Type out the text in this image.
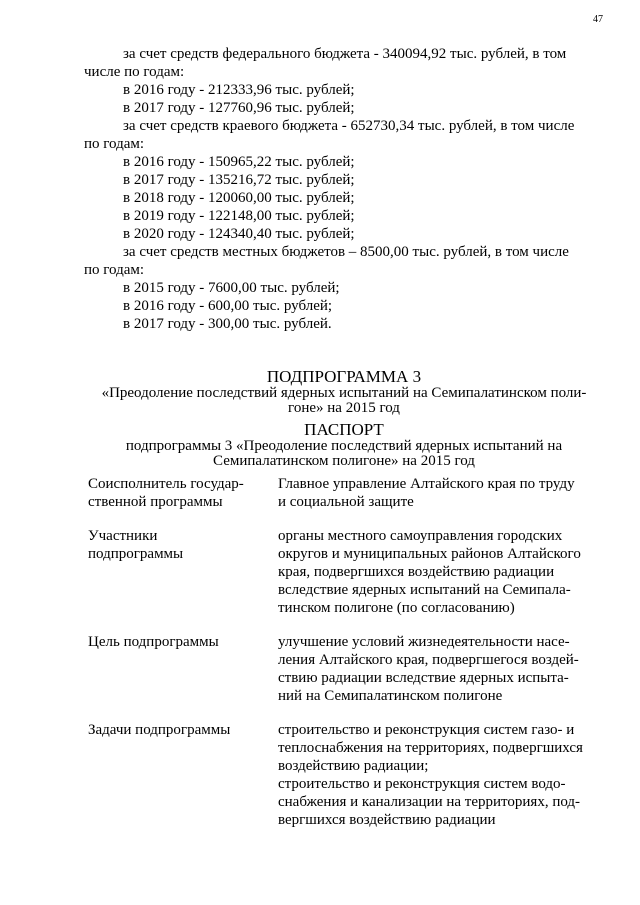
47

за счет средств федерального бюджета - 340094,92 тыс. рублей, в том

числе по годам:

в 2016 году - 212333,96 тыс. рублей;

в 2017 году - 127760,96 тыс. рублей;

за счет средств краевого бюджета - 652730,34 тыс. рублей, в том числе

по годам:

в 2016 году - 150965,22 тыс. рублей;

в 2017 году - 135216,72 тыс. рублей;

в 2018 году - 120060,00 тыс. рублей;

в 2019 году - 122148,00 тыс. рублей;

в 2020 году - 124340,40 тыс. рублей;

за счет средств местных бюджетов – 8500,00 тыс. рублей, в том числе

по годам:

в 2015 году - 7600,00 тыс. рублей;

в 2016 году - 600,00 тыс. рублей;

в 2017 году - 300,00 тыс. рублей.

ПОДПРОГРАММА 3

«Преодоление последствий ядерных испытаний на Семипалатинском поли-

гоне» на 2015 год

ПАСПОРТ

подпрограммы 3 «Преодоление последствий ядерных испытаний на

Семипалатинском полигоне» на 2015 год

Соисполнитель государ-

ственной программы

Главное управление Алтайского края по труду

и социальной защите

Участники

подпрограммы

органы местного самоуправления городских

округов и муниципальных районов Алтайского

края, подвергшихся воздействию радиации

вследствие ядерных испытаний на Семипала-

тинском полигоне (по согласованию)

Цель подпрограммы	улучшение условий жизнедеятельности насе-

ления Алтайского края, подвергшегося воздей-

ствию радиации вследствие ядерных испыта-

ний на Семипалатинском полигоне

Задачи подпрограммы	строительство и реконструкция систем газо- и

теплоснабжения на территориях, подвергшихся

воздействию радиации;

строительство и реконструкция систем водо-

снабжения и канализации на территориях, под-

вергшихся воздействию радиации
